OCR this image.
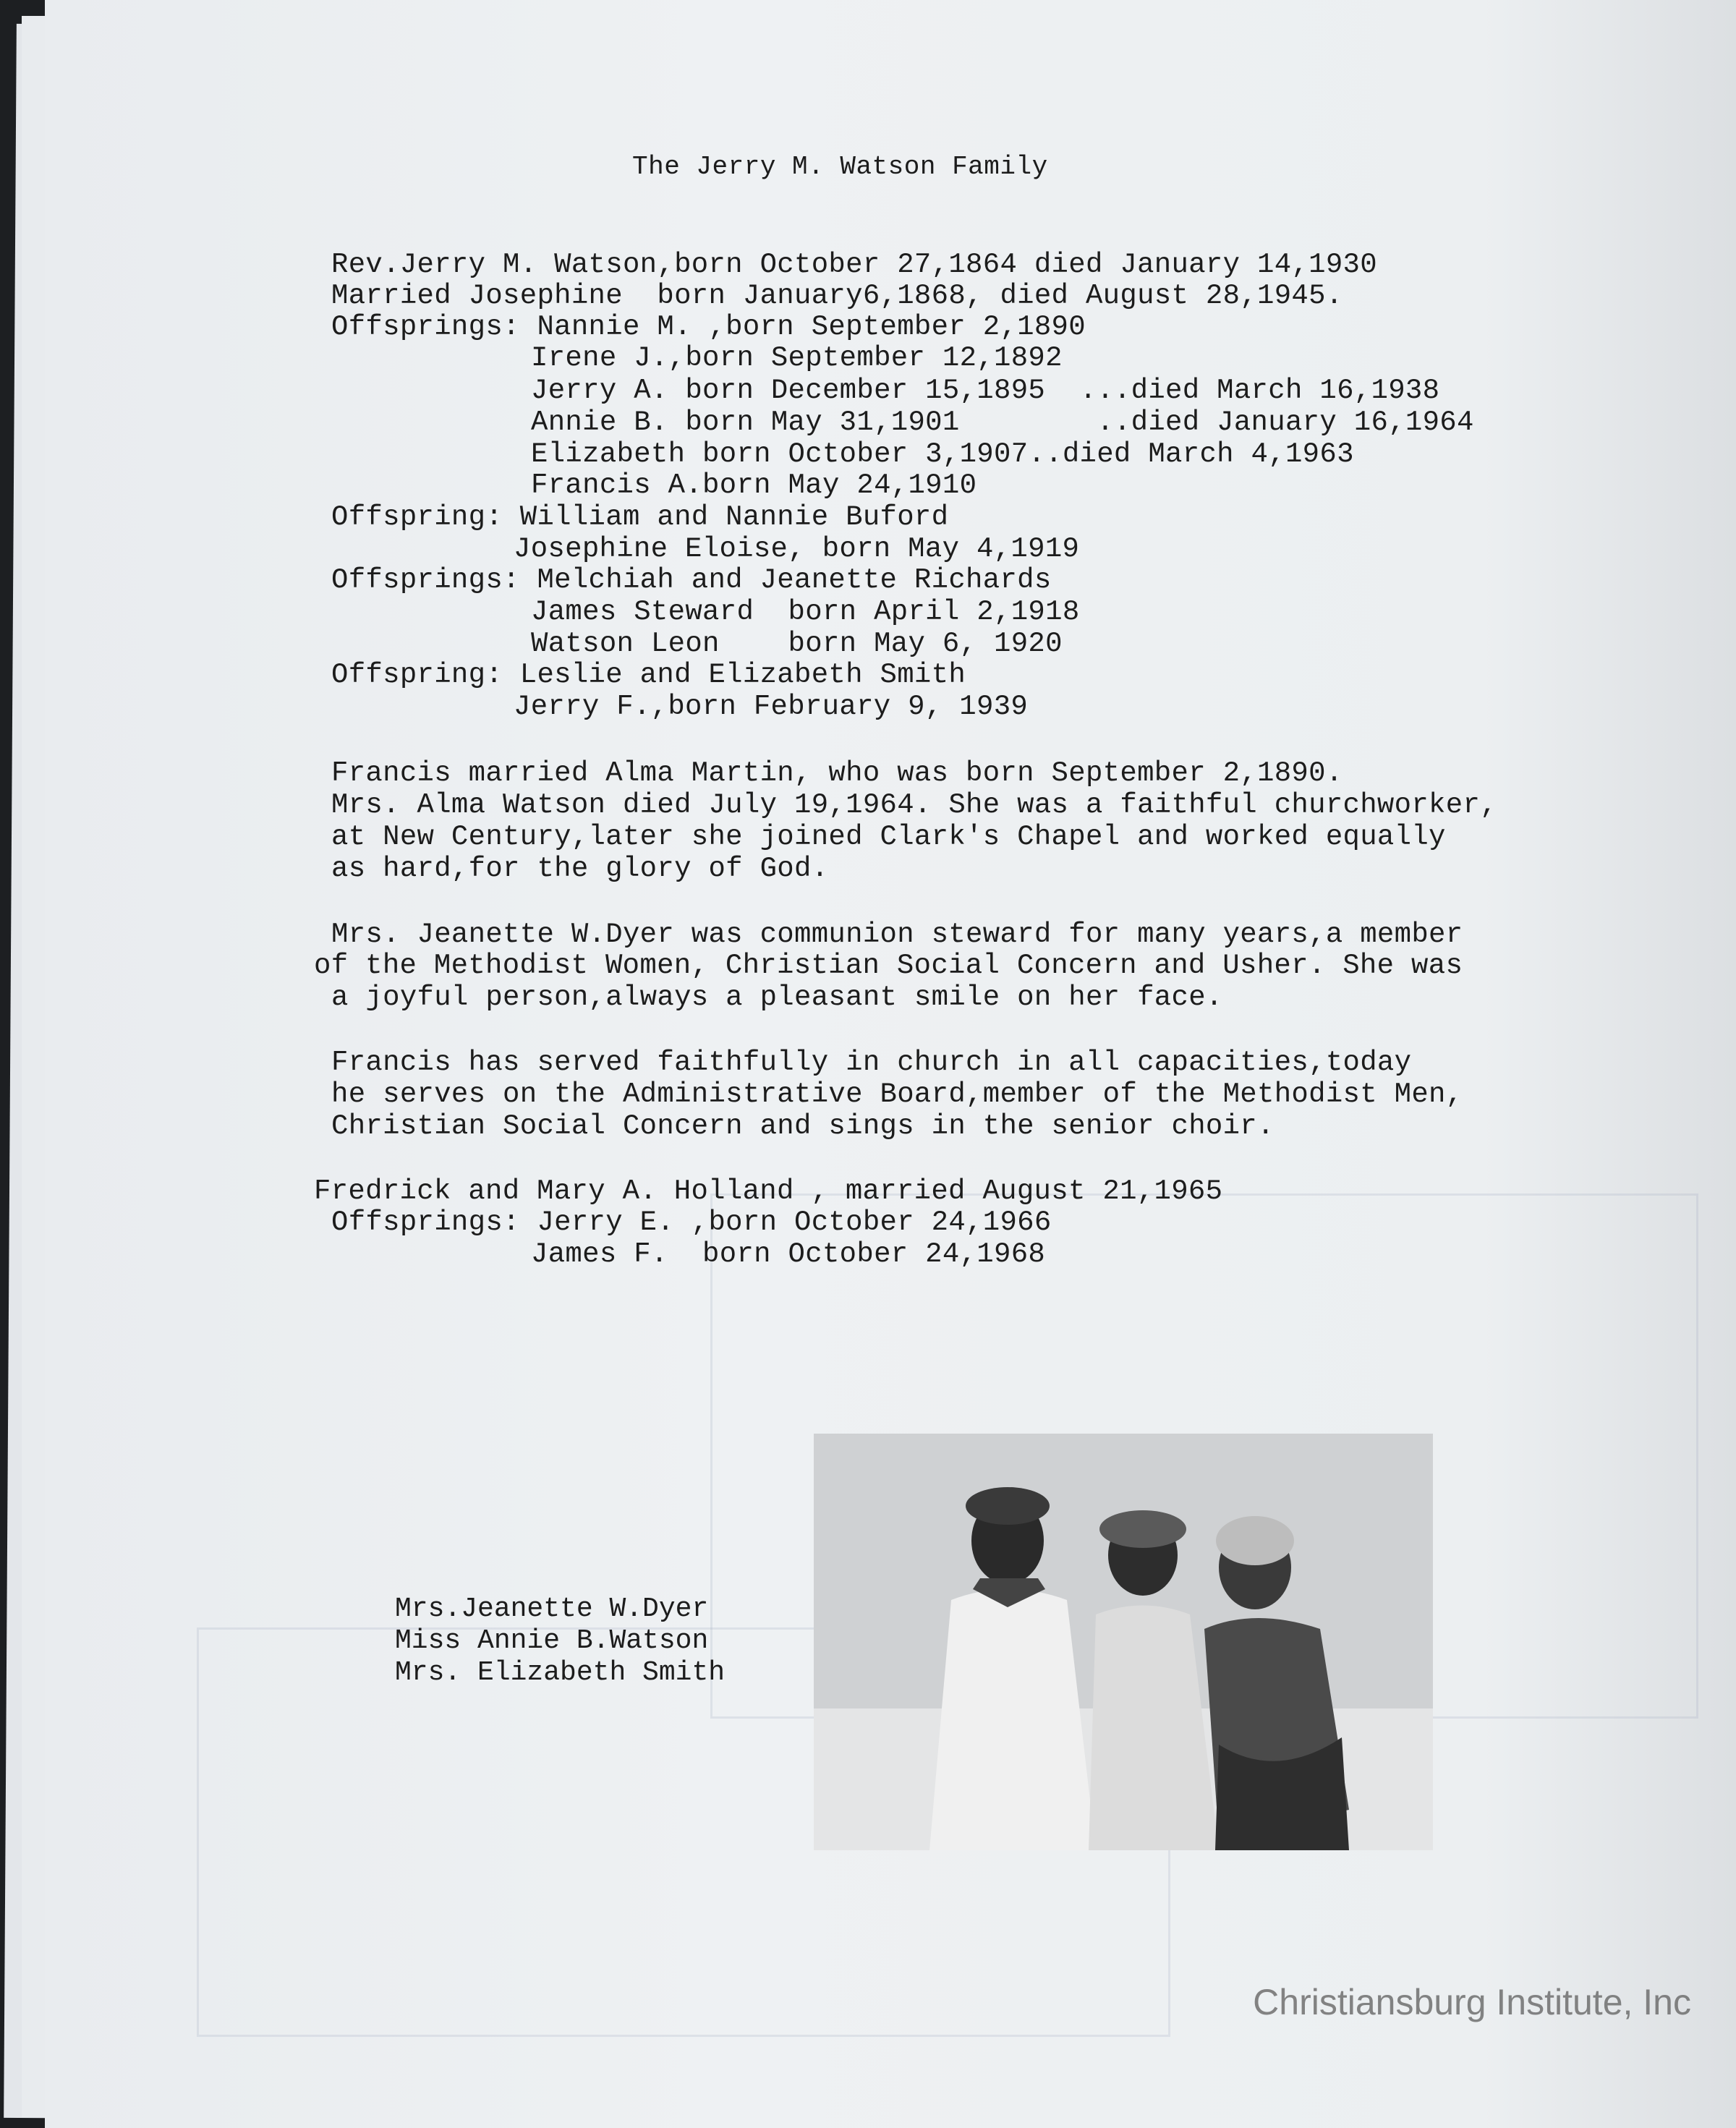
The Jerry M. Watson Family
Rev.Jerry M. Watson,born October 27,1864 died January 14,1930
Married Josephine  born January6,1868, died August 28,1945.
Offsprings: Nannie M. ,born September 2,1890
Irene J.,born September 12,1892
Jerry A. born December 15,1895  ...died March 16,1938
Annie B. born May 31,1901        ..died January 16,1964
Elizabeth born October 3,1907..died March 4,1963
Francis A.born May 24,1910
Offspring: William and Nannie Buford
Josephine Eloise, born May 4,1919
Offsprings: Melchiah and Jeanette Richards
James Steward  born April 2,1918
Watson Leon    born May 6, 1920
Offspring: Leslie and Elizabeth Smith
Jerry F.,born February 9, 1939
Francis married Alma Martin, who was born September 2,1890.
Mrs. Alma Watson died July 19,1964. She was a faithful churchworker,
at New Century,later she joined Clark's Chapel and worked equally
as hard,for the glory of God.
Mrs. Jeanette W.Dyer was communion steward for many years,a member
of the Methodist Women, Christian Social Concern and Usher. She was
a joyful person,always a pleasant smile on her face.
Francis has served faithfully in church in all capacities,today
he serves on the Administrative Board,member of the Methodist Men,
Christian Social Concern and sings in the senior choir.
Fredrick and Mary A. Holland , married August 21,1965
Offsprings: Jerry E. ,born October 24,1966
James F.  born October 24,1968
Mrs.Jeanette W.Dyer
Miss Annie B.Watson
Mrs. Elizabeth Smith
Christiansburg Institute, Inc
